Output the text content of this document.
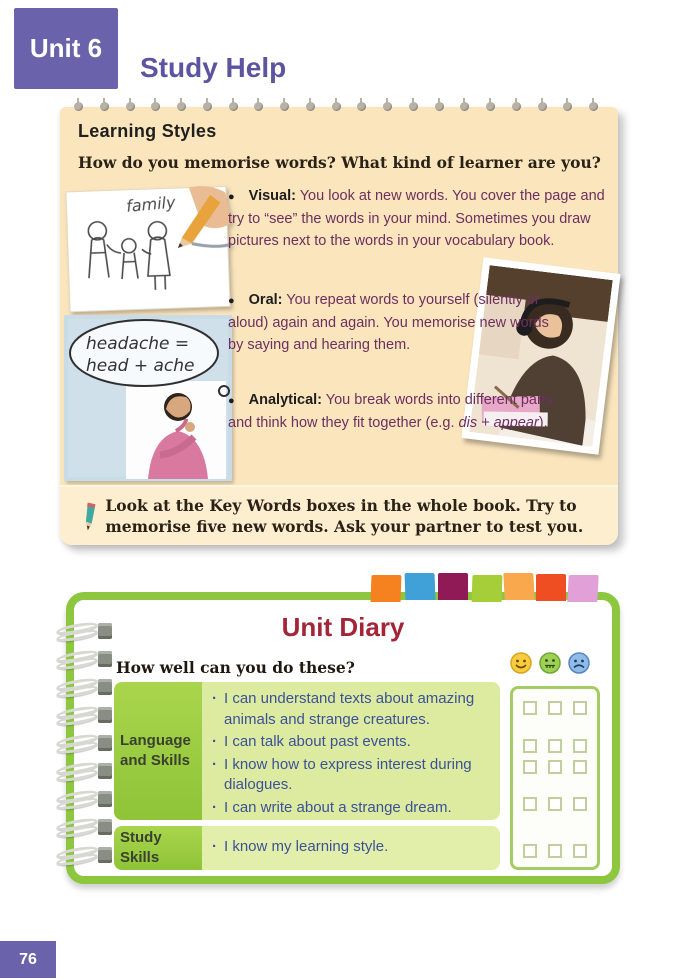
Unit 6
Study Help
Learning Styles
How do you memorise words? What kind of learner are you?
family	● Visual: You look at new words. You cover the page and try to “see” the words in your mind. Sometimes you draw pictures next to the words in your vocabulary book.

headache =
head + ache

● Oral: You repeat words to yourself (silently or aloud) again and again. You memorise new words by saying and hearing them.

● Analytical: You break words into different parts and think how they fit together (e.g. dis + appear).

Look at the Key Words boxes in the whole book. Try to memorise five new words. Ask your partner to test you.

Unit Diary
How well can you do these?
Language and Skills
· I can understand texts about amazing animals and strange creatures.
· I can talk about past events.
· I know how to express interest during dialogues.
· I can write about a strange dream.
Study Skills
· I know my learning style.
76
